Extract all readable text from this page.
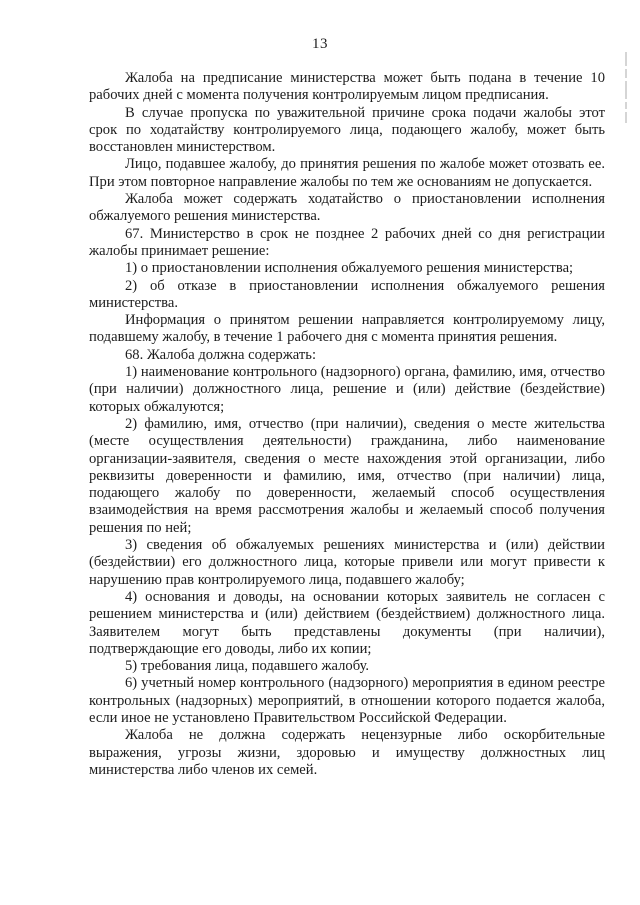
13

Жалоба на предписание министерства может быть подана в течение 10 рабочих дней с момента получения контролируемым лицом предписания.

В случае пропуска по уважительной причине срока подачи жалобы этот срок по ходатайству контролируемого лица, подающего жалобу, может быть восстановлен министерством.

Лицо, подавшее жалобу, до принятия решения по жалобе может отозвать ее. При этом повторное направление жалобы по тем же основаниям не допускается.

Жалоба может содержать ходатайство о приостановлении исполнения обжалуемого решения министерства.

67. Министерство в срок не позднее 2 рабочих дней со дня регистрации жалобы принимает решение:

1) о приостановлении исполнения обжалуемого решения министерства;

2) об отказе в приостановлении исполнения обжалуемого решения министерства.

Информация о принятом решении направляется контролируемому лицу, подавшему жалобу, в течение 1 рабочего дня с момента принятия решения.

68. Жалоба должна содержать:

1) наименование контрольного (надзорного) органа, фамилию, имя, отчество (при наличии) должностного лица, решение и (или) действие (бездействие) которых обжалуются;

2) фамилию, имя, отчество (при наличии), сведения о месте жительства (месте осуществления деятельности) гражданина, либо наименование организации-заявителя, сведения о месте нахождения этой организации, либо реквизиты доверенности и фамилию, имя, отчество (при наличии) лица, подающего жалобу по доверенности, желаемый способ осуществления взаимодействия на время рассмотрения жалобы и желаемый способ получения решения по ней;

3) сведения об обжалуемых решениях министерства и (или) действии (бездействии) его должностного лица, которые привели или могут привести к нарушению прав контролируемого лица, подавшего жалобу;

4) основания и доводы, на основании которых заявитель не согласен с решением министерства и (или) действием (бездействием) должностного лица. Заявителем могут быть представлены документы (при наличии), подтверждающие его доводы, либо их копии;

5) требования лица, подавшего жалобу.

6) учетный номер контрольного (надзорного) мероприятия в едином реестре контрольных (надзорных) мероприятий, в отношении которого подается жалоба, если иное не установлено Правительством Российской Федерации.

Жалоба не должна содержать нецензурные либо оскорбительные выражения, угрозы жизни, здоровью и имуществу должностных лиц министерства либо членов их семей.
